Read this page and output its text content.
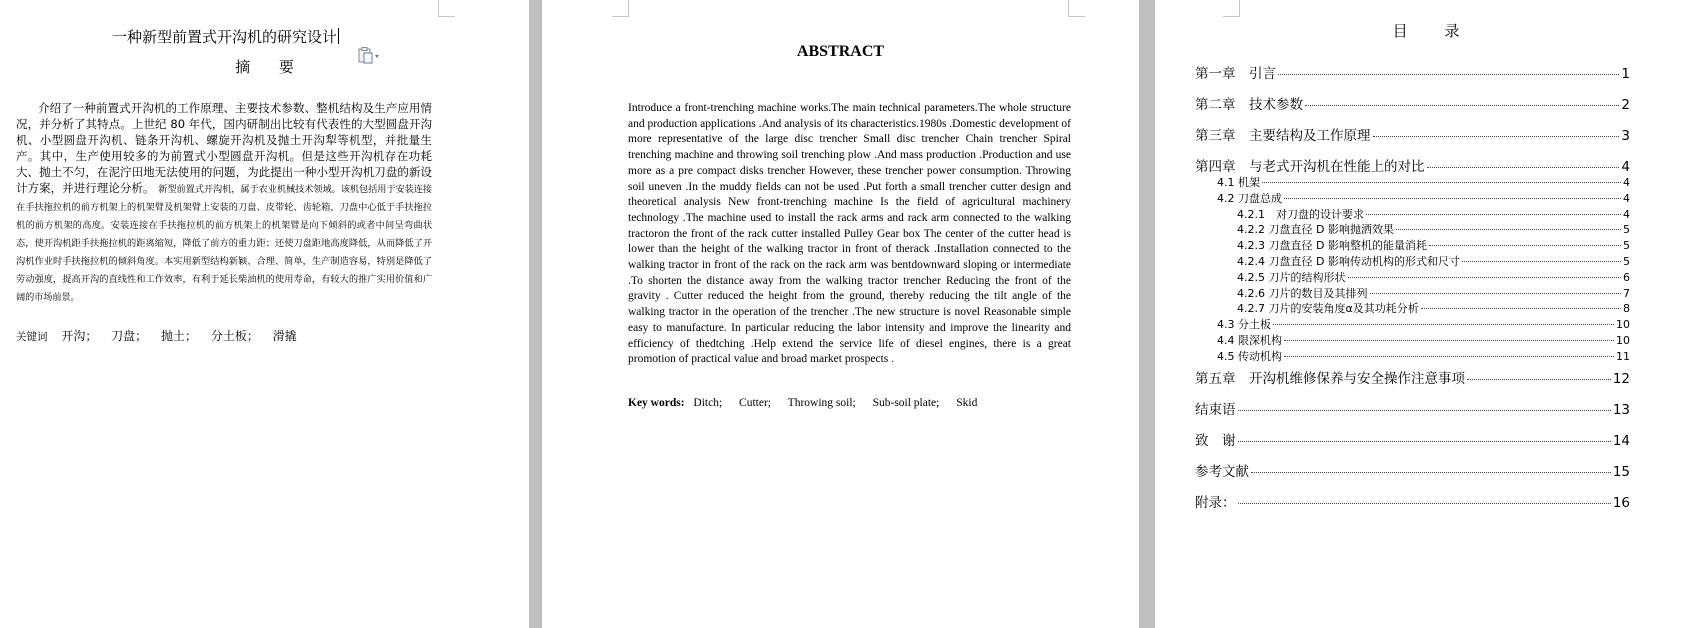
一种新型前置式开沟机的研究设计
摘 要
介绍了一种前置式开沟机的工作原理、主要技术参数、整机结构及生产应用情况，并分析了其特点。上世纪 80 年代，国内研制出比较有代表性的大型圆盘开沟机、小型圆盘开沟机、链条开沟机、螺旋开沟机及抛土开沟犁等机型，并批量生产。其中，生产使用较多的为前置式小型圆盘开沟机。但是这些开沟机存在功耗大、抛土不匀，在泥泞田地无法使用的问题，为此提出一种小型开沟机刀盘的新设计方案，并进行理论分析。 新型前置式开沟机，属于农业机械技术领域。该机包括用于安装连接在手扶拖拉机的前方机架上的机架臂及机架臂上安装的刀盘、皮带轮、齿轮箱，刀盘中心低于手扶拖拉机的前方机架的高度。安装连接在手扶拖拉机的前方机架上的机架臂是向下倾斜的或者中间呈弯曲状态，使开沟机距手扶拖拉机的距离缩短，降低了前方的重力距；还使刀盘距地高度降低，从而降低了开沟机作业时手扶拖拉机的倾斜角度。本实用新型结构新颖、合理、简单，生产制造容易，特别是降低了劳动强度，提高开沟的直线性和工作效率，有利于延长柴油机的使用寿命，有较大的推广实用价值和广阔的市场前景。
关键词 开沟； 刀盘； 抛土； 分土板； 滑撬
ABSTRACT
Introduce a front-trenching machine works.The main technical parameters.The whole structure and production applications .And analysis of its characteristics.1980s .Domestic development of more representative of the large disc trencher Small disc trencher Chain trencher Spiral trenching machine and throwing soil trenching plow .And mass production .Production and use more as a pre compact disks trencher However, these trencher power consumption. Throwing soil uneven .In the muddy fields can not be used .Put forth a small trencher cutter design and theoretical analysis New front-trenching machine Is the field of agricultural machinery technology .The machine used to install the rack arms and rack arm connected to the walking tractoron the front of the rack cutter installed Pulley Gear box The center of the cutter head is lower than the height of the walking tractor in front of therack .Installation connected to the walking tractor in front of the rack on the rack arm was bentdownward sloping or intermediate .To shorten the distance away from the walking tractor trencher Reducing the front of the gravity . Cutter reduced the height from the ground, thereby reducing the tilt angle of the walking tractor in the operation of the trencher .The new structure is novel Reasonable simple easy to manufacture. In particular reducing the labor intensity and improve the linearity and efficiency of thedtching .Help extend the service life of diesel engines, there is a great promotion of practical value and broad market prospects .
Key words: Ditch; Cutter; Throwing soil; Sub-soil plate; Skid
目 录
第一章　引言	1
第二章　技术参数	2
第三章　主要结构及工作原理	3
第四章　与老式开沟机在性能上的对比	4
4.1 机架	4
4.2 刀盘总成	4
4.2.1　对刀盘的设计要求	4
4.2.2 刀盘直径 D 影响抛洒效果	5
4.2.3 刀盘直径 D 影响整机的能量消耗	5
4.2.4 刀盘直径 D 影响传动机构的形式和尺寸	5
4.2.5 刀片的结构形状	6
4.2.6 刀片的数目及其排列	7
4.2.7 刀片的安装角度α及其功耗分析	8
4.3 分土板	10
4.4 限深机构	10
4.5 传动机构	11
第五章　开沟机维修保养与安全操作注意事项	12
结束语	13
致　谢	14
参考文献	15
附录：	16
